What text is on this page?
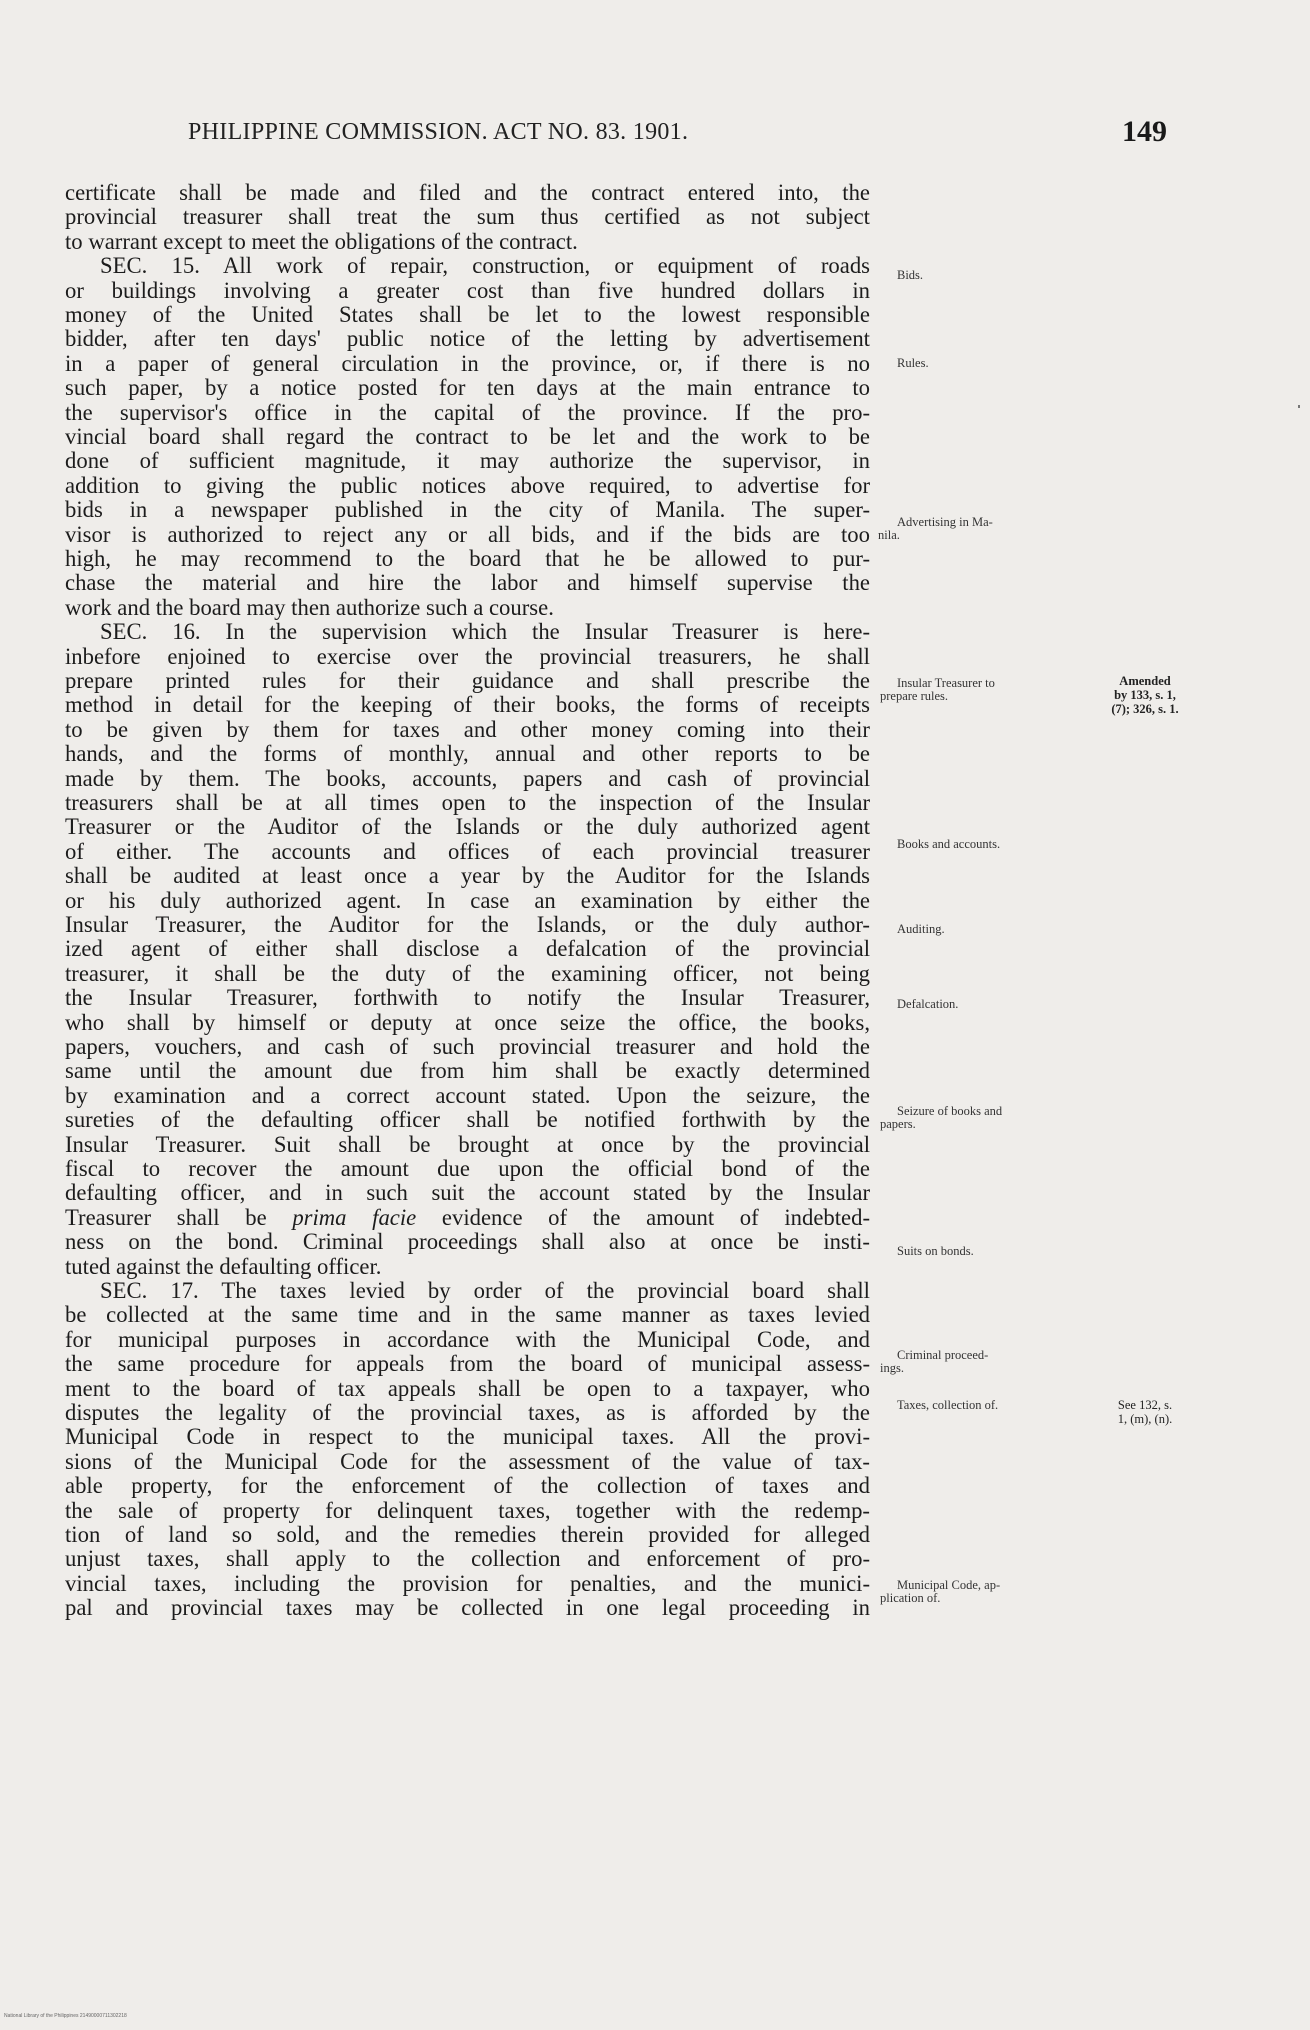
PHILIPPINE COMMISSION. ACT NO. 83. 1901.	149
certificate shall be made and filed and the contract entered into, the
provincial treasurer shall treat the sum thus certified as not subject
to warrant except to meet the obligations of the contract.
SEC. 15. All work of repair, construction, or equipment of roads
or buildings involving a greater cost than five hundred dollars in
money of the United States shall be let to the lowest responsible
bidder, after ten days' public notice of the letting by advertisement
in a paper of general circulation in the province, or, if there is no
such paper, by a notice posted for ten days at the main entrance to
the supervisor's office in the capital of the province. If the pro-
vincial board shall regard the contract to be let and the work to be
done of sufficient magnitude, it may authorize the supervisor, in
addition to giving the public notices above required, to advertise for
bids in a newspaper published in the city of Manila. The super-
visor is authorized to reject any or all bids, and if the bids are too
high, he may recommend to the board that he be allowed to pur-
chase the material and hire the labor and himself supervise the
work and the board may then authorize such a course.
SEC. 16. In the supervision which the Insular Treasurer is here-
inbefore enjoined to exercise over the provincial treasurers, he shall
prepare printed rules for their guidance and shall prescribe the
method in detail for the keeping of their books, the forms of receipts
to be given by them for taxes and other money coming into their
hands, and the forms of monthly, annual and other reports to be
made by them. The books, accounts, papers and cash of provincial
treasurers shall be at all times open to the inspection of the Insular
Treasurer or the Auditor of the Islands or the duly authorized agent
of either. The accounts and offices of each provincial treasurer
shall be audited at least once a year by the Auditor for the Islands
or his duly authorized agent. In case an examination by either the
Insular Treasurer, the Auditor for the Islands, or the duly author-
ized agent of either shall disclose a defalcation of the provincial
treasurer, it shall be the duty of the examining officer, not being
the Insular Treasurer, forthwith to notify the Insular Treasurer,
who shall by himself or deputy at once seize the office, the books,
papers, vouchers, and cash of such provincial treasurer and hold the
same until the amount due from him shall be exactly determined
by examination and a correct account stated. Upon the seizure, the
sureties of the defaulting officer shall be notified forthwith by the
Insular Treasurer. Suit shall be brought at once by the provincial
fiscal to recover the amount due upon the official bond of the
defaulting officer, and in such suit the account stated by the Insular
Treasurer shall be prima facie evidence of the amount of indebted-
ness on the bond. Criminal proceedings shall also at once be insti-
tuted against the defaulting officer.
SEC. 17. The taxes levied by order of the provincial board shall
be collected at the same time and in the same manner as taxes levied
for municipal purposes in accordance with the Municipal Code, and
the same procedure for appeals from the board of municipal assess-
ment to the board of tax appeals shall be open to a taxpayer, who
disputes the legality of the provincial taxes, as is afforded by the
Municipal Code in respect to the municipal taxes. All the provi-
sions of the Municipal Code for the assessment of the value of tax-
able property, for the enforcement of the collection of taxes and
the sale of property for delinquent taxes, together with the redemp-
tion of land so sold, and the remedies therein provided for alleged
unjust taxes, shall apply to the collection and enforcement of pro-
vincial taxes, including the provision for penalties, and the munici-
pal and provincial taxes may be collected in one legal proceeding in
Bids.
Rules.
Advertising in Ma-
nila.
Insular Treasurer to
prepare rules.
Books and accounts.
Auditing.
Defalcation.
Seizure of books and
papers.
Suits on bonds.
Criminal proceed-
ings.
Taxes, collection of.
Municipal Code, ap-
plication of.
Amended
by 133, s. 1,
(7); 326, s. 1.
See 132, s.
1, (m), (n).
National Library of the Philippines 21490000711302218
